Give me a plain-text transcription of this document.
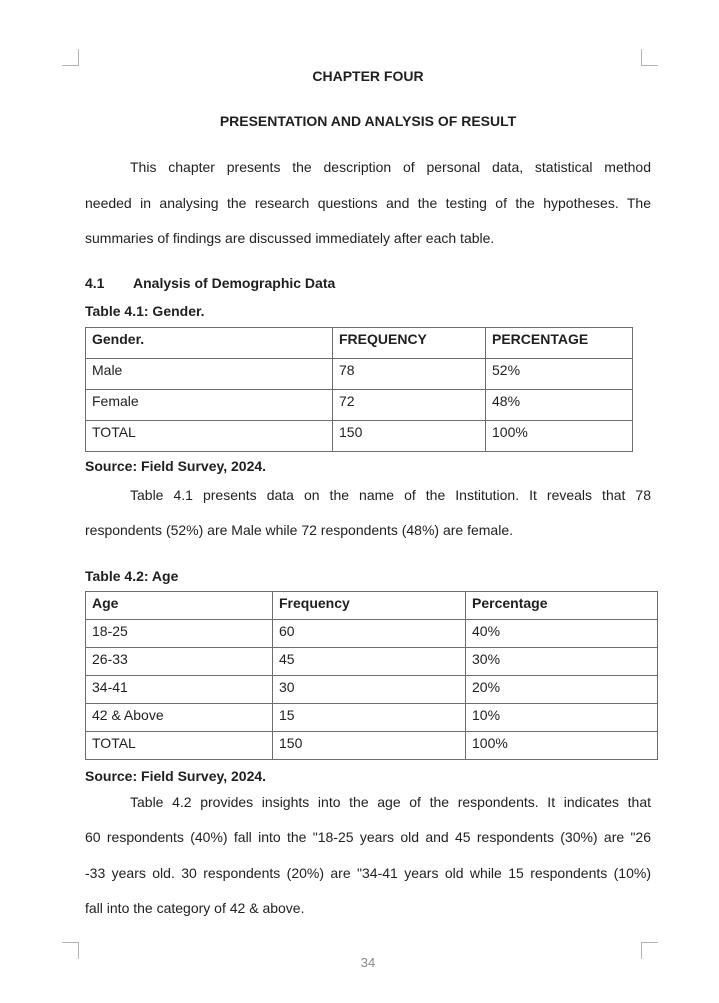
CHAPTER FOUR
PRESENTATION AND ANALYSIS OF RESULT
This chapter presents the description of personal data, statistical method
needed in analysing the research questions and the testing of the hypotheses. The
summaries of findings are discussed immediately after each table.
4.1 Analysis of Demographic Data
Table 4.1: Gender.
Gender.	FREQUENCY	PERCENTAGE
Male	78	52%
Female	72	48%
TOTAL	150	100%
Source: Field Survey, 2024.
Table 4.1 presents data on the name of the Institution. It reveals that 78
respondents (52%) are Male while 72 respondents (48%) are female.
Table 4.2: Age
Age	Frequency	Percentage
18-25	60	40%
26-33	45	30%
34-41	30	20%
42 & Above	15	10%
TOTAL	150	100%
Source: Field Survey, 2024.
Table 4.2 provides insights into the age of the respondents. It indicates that
60 respondents (40%) fall into the "18-25 years old and 45 respondents (30%) are "26
-33 years old. 30 respondents (20%) are "34-41 years old while 15 respondents (10%)
fall into the category of 42 & above.
34
